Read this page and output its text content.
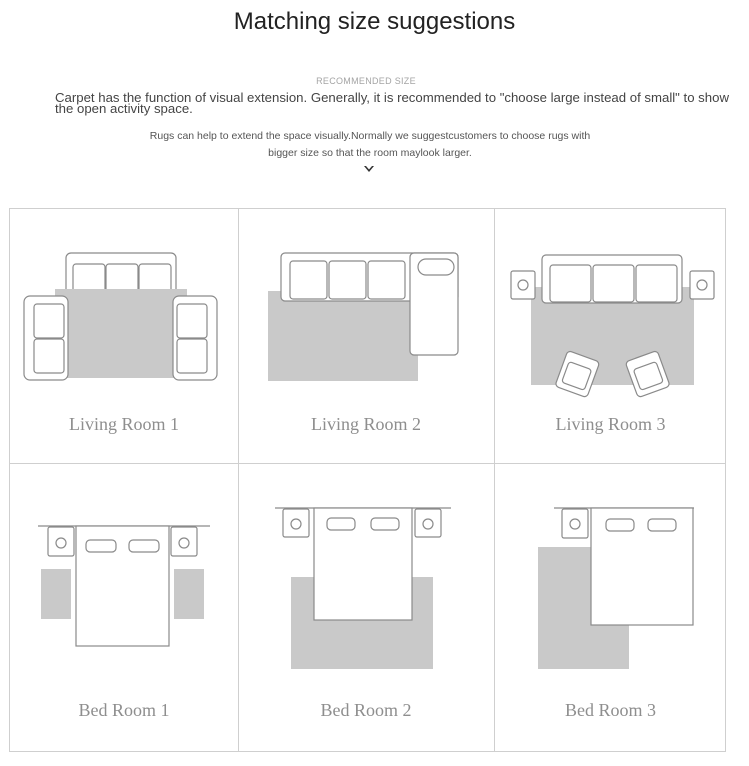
Matching size suggestions
RECOMMENDED SIZE
Carpet has the function of visual extension. Generally, it is recommended to "choose large instead of small" to show the open activity space.
Rugs can help to extend the space visually.Normally we suggestcustomers to choose rugs with
bigger size so that the room maylook larger.
Living Room 1	Living Room 2	Living Room 3
Bed Room 1	Bed Room 2	Bed Room 3
